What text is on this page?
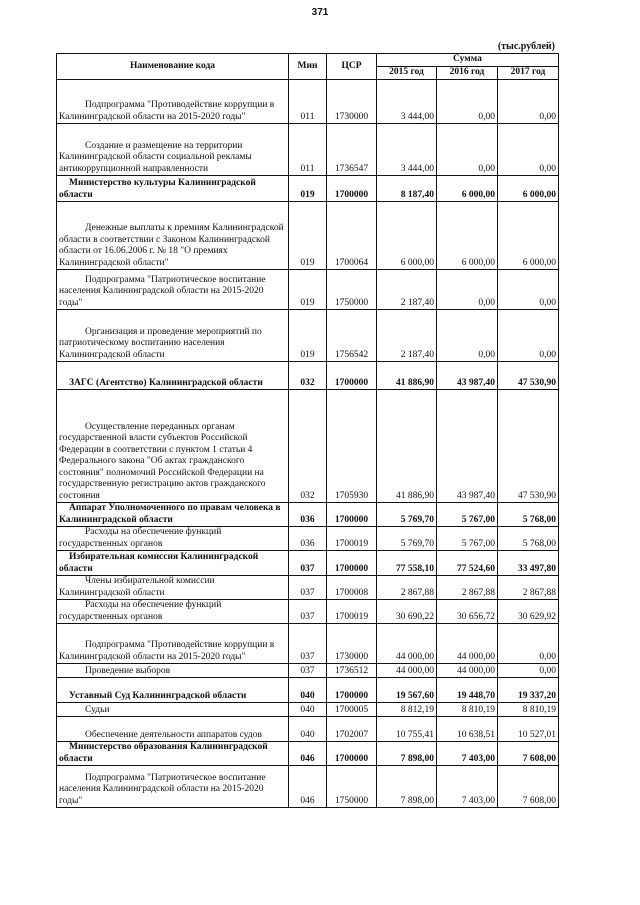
371
(тыс.рублей)
Наименование кода	Мин	ЦСР	Сумма		
			2015 год	2016 год	2017 год
Подпрограмма "Противодействие коррупции в Калининградской области на 2015-2020 годы"	011	1730000	3 444,00	0,00	0,00
Создание и размещение на территории Калининградской области социальной рекламы антикоррупционной направленности	011	1736547	3 444,00	0,00	0,00
Министерство культуры Калининградской области	019	1700000	8 187,40	6 000,00	6 000,00
Денежные выплаты к премиям Калининградской области в соответствии с Законом Калининградской области от 16.06.2006 г. № 18 "О премиях Калининградской области"	019	1700064	6 000,00	6 000,00	6 000,00
Подпрограмма "Патриотическое воспитание населения Калининградской области на 2015-2020 годы"	019	1750000	2 187,40	0,00	0,00
Организация и проведение мероприятий по патриотическому воспитанию населения Калининградской области	019	1756542	2 187,40	0,00	0,00
ЗАГС (Агентство) Калининградской области	032	1700000	41 886,90	43 987,40	47 530,90
Осуществление переданных органам государственной власти субъектов Российской Федерации в соответствии с пунктом 1 статьи 4 Федерального закона "Об актах гражданского состояния" полномочий Российской Федерации на государственную регистрацию актов гражданского состояния	032	1705930	41 886,90	43 987,40	47 530,90
Аппарат Уполномоченного по правам человека в Калининградской области	036	1700000	5 769,70	5 767,00	5 768,00
Расходы на обеспечение функций государственных органов	036	1700019	5 769,70	5 767,00	5 768,00
Избирательная комиссия Калининградской области	037	1700000	77 558,10	77 524,60	33 497,80
Члены избирательной комиссии Калининградской области	037	1700008	2 867,88	2 867,88	2 867,88
Расходы на обеспечение функций государственных органов	037	1700019	30 690,22	30 656,72	30 629,92
Подпрограмма "Противодействие коррупции в Калининградской области на 2015-2020 годы"	037	1730000	44 000,00	44 000,00	0,00
Проведение выборов	037	1736512	44 000,00	44 000,00	0,00
Уставный Суд Калининградской области	040	1700000	19 567,60	19 448,70	19 337,20
Судьи	040	1700005	8 812,19	8 810,19	8 810,19
Обеспечение деятельности аппаратов судов	040	1702007	10 755,41	10 638,51	10 527,01
Министерство образования Калининградской области	046	1700000	7 898,00	7 403,00	7 608,00
Подпрограмма "Патриотическое воспитание населения Калининградской области на 2015-2020 годы"	046	1750000	7 898,00	7 403,00	7 608,00
